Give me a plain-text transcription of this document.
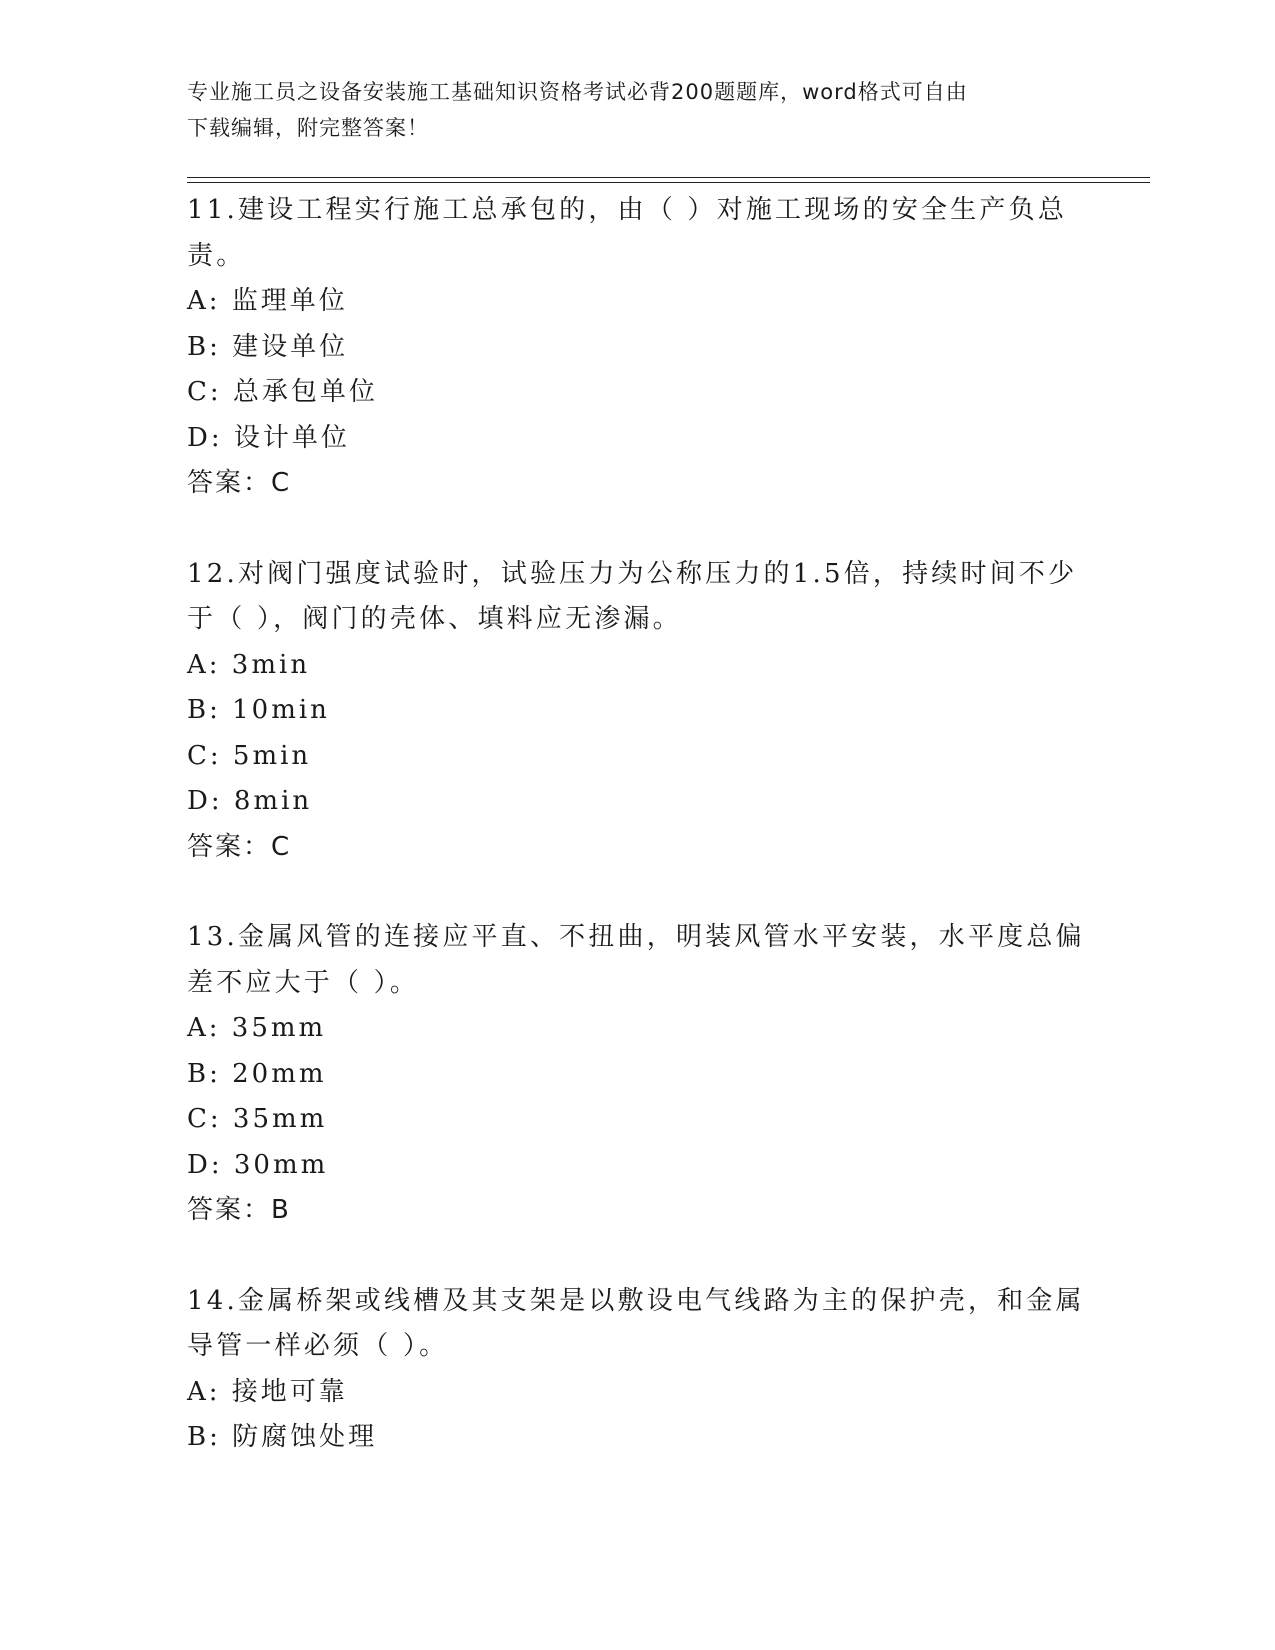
专业施工员之设备安装施工基础知识资格考试必背200题题库，word格式可自由
下载编辑，附完整答案！

11.建设工程实行施工总承包的，由（ ）对施工现场的安全生产负总

责。

A: 监理单位

B: 建设单位

C: 总承包单位

D: 设计单位

答案：C

12.对阀门强度试验时，试验压力为公称压力的1.5倍，持续时间不少

于（ ），阀门的壳体、填料应无渗漏。

A: 3min

B: 10min

C: 5min

D: 8min

答案：C

13.金属风管的连接应平直、不扭曲，明装风管水平安装，水平度总偏

差不应大于（ ）。

A: 35mm

B: 20mm

C: 35mm

D: 30mm

答案：B

14.金属桥架或线槽及其支架是以敷设电气线路为主的保护壳，和金属

导管一样必须（ ）。

A: 接地可靠

B: 防腐蚀处理
